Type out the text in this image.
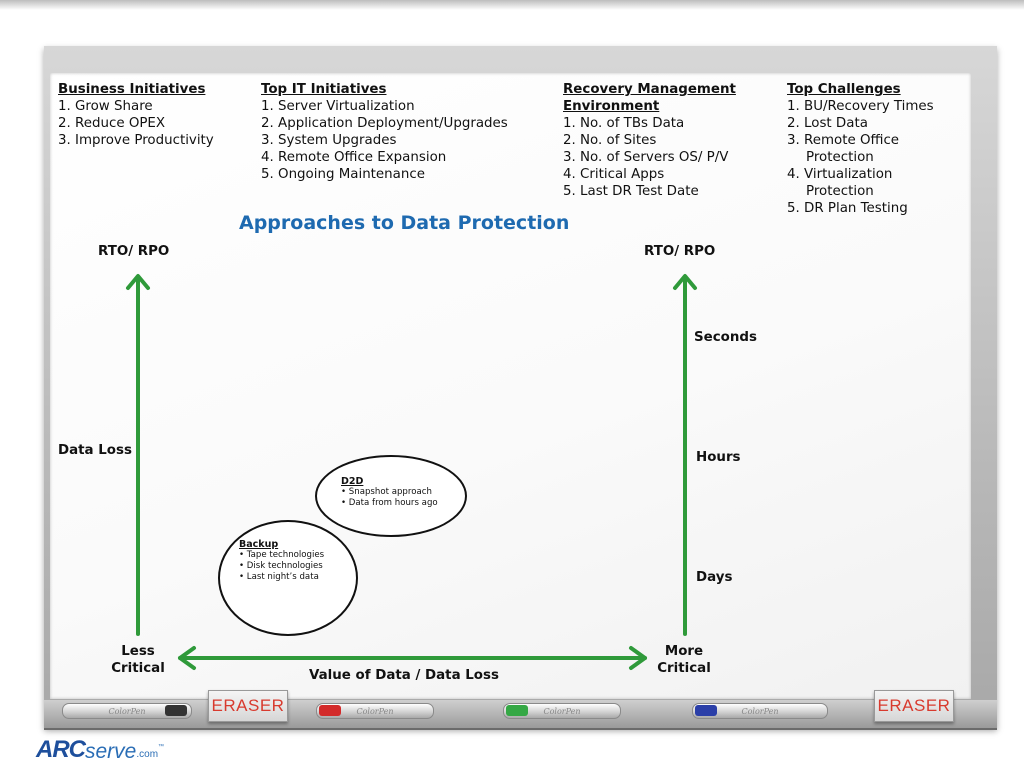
Business Initiatives
1. Grow Share
2. Reduce OPEX
3. Improve Productivity
Top IT Initiatives
1. Server Virtualization
2. Application Deployment/Upgrades
3. System Upgrades
4. Remote Office Expansion
5. Ongoing Maintenance
Recovery Management
Environment
1. No. of TBs Data
2. No. of Sites
3. No. of Servers OS/ P/V
4. Critical Apps
5. Last DR Test Date
Top Challenges
1. BU/Recovery Times
2. Lost Data
3. Remote Office
Protection
4. Virtualization
Protection
5. DR Plan Testing
Approaches to Data Protection
RTO/ RPO	RTO/ RPO
Data Loss
Seconds
Hours
Days
Less
Critical
More
Critical
Value of Data / Data Loss
D2D
• Snapshot approach
• Data from hours ago
Backup
• Tape technologies
• Disk technologies
• Last night’s data
ColorPen	ERASER	ColorPen	ColorPen	ColorPen	ERASER
ARC serve .com
™
